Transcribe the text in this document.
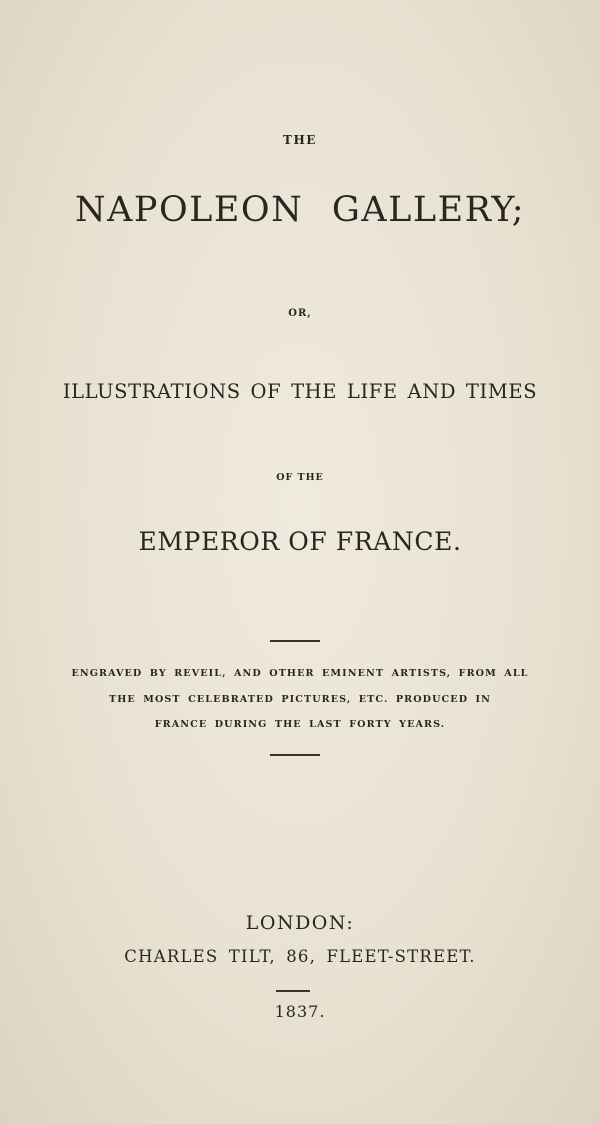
THE
NAPOLEON GALLERY;
OR,
ILLUSTRATIONS OF THE LIFE AND TIMES
OF THE
EMPEROR OF FRANCE.
ENGRAVED BY REVEIL, AND OTHER EMINENT ARTISTS, FROM ALL
THE MOST CELEBRATED PICTURES, ETC. PRODUCED IN
FRANCE DURING THE LAST FORTY YEARS.
LONDON:
CHARLES TILT, 86, FLEET-STREET.
1837.
